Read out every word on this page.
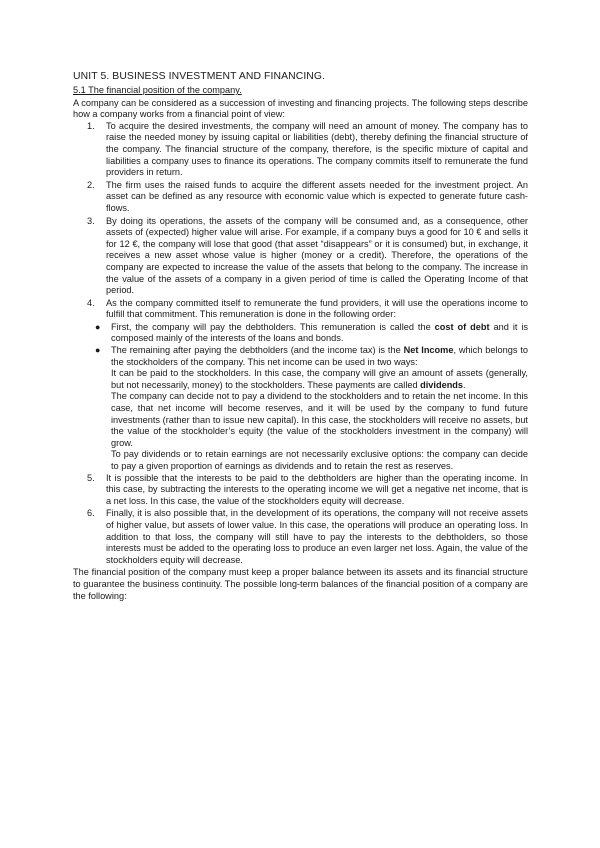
UNIT 5. BUSINESS INVESTMENT AND FINANCING.
5.1 The financial position of the company.

A company can be considered as a succession of investing and financing projects. The following steps describe how a company works from a financial point of view:

1. To acquire the desired investments, the company will need an amount of money. The company has to raise the needed money by issuing capital or liabilities (debt), thereby defining the financial structure of the company. The financial structure of the company, therefore, is the specific mixture of capital and liabilities a company uses to finance its operations. The company commits itself to remunerate the fund providers in return.
2. The firm uses the raised funds to acquire the different assets needed for the investment project. An asset can be defined as any resource with economic value which is expected to generate future cash-flows.
3. By doing its operations, the assets of the company will be consumed and, as a consequence, other assets of (expected) higher value will arise. For example, if a company buys a good for 10 € and sells it for 12 €, the company will lose that good (that asset “disappears” or it is consumed) but, in exchange, it receives a new asset whose value is higher (money or a credit). Therefore, the operations of the company are expected to increase the value of the assets that belong to the company. The increase in the value of the assets of a company in a given period of time is called the Operating Income of that period.
4. As the company committed itself to remunerate the fund providers, it will use the operations income to fulfill that commitment. This remuneration is done in the following order:
● First, the company will pay the debtholders. This remuneration is called the cost of debt and it is composed mainly of the interests of the loans and bonds.
● The remaining after paying the debtholders (and the income tax) is the Net Income, which belongs to the stockholders of the company. This net income can be used in two ways:
It can be paid to the stockholders. In this case, the company will give an amount of assets (generally, but not necessarily, money) to the stockholders. These payments are called dividends.
The company can decide not to pay a dividend to the stockholders and to retain the net income. In this case, that net income will become reserves, and it will be used by the company to fund future investments (rather than to issue new capital). In this case, the stockholders will receive no assets, but the value of the stockholder’s equity (the value of the stockholders investment in the company) will grow.
To pay dividends or to retain earnings are not necessarily exclusive options: the company can decide to pay a given proportion of earnings as dividends and to retain the rest as reserves.
5. It is possible that the interests to be paid to the debtholders are higher than the operating income. In this case, by subtracting the interests to the operating income we will get a negative net income, that is a net loss. In this case, the value of the stockholders equity will decrease.
6. Finally, it is also possible that, in the development of its operations, the company will not receive assets of higher value, but assets of lower value. In this case, the operations will produce an operating loss. In addition to that loss, the company will still have to pay the interests to the debtholders, so those interests must be added to the operating loss to produce an even larger net loss. Again, the value of the stockholders equity will decrease.

The financial position of the company must keep a proper balance between its assets and its financial structure to guarantee the business continuity. The possible long-term balances of the financial position of a company are the following:
